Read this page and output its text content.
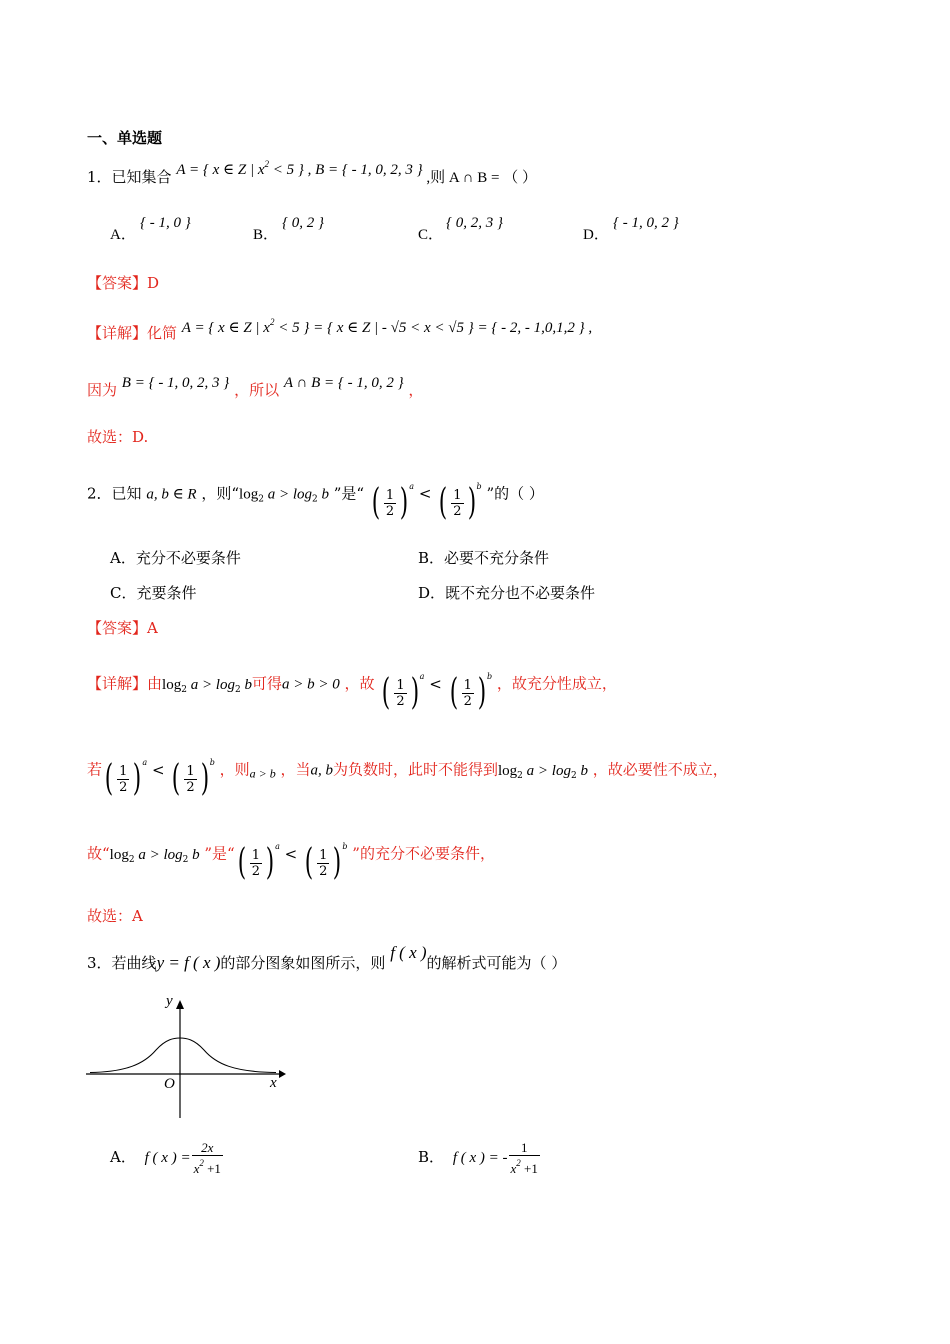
一、单选题
1．已知集合 A = { x ∈ Z | $x^2 < 5$ } , B = { - 1, 0, 2, 3 } ,则 A ∩ B = （ ）
A．
{ - 1, 0 }
B．
{ 0, 2 }
C．
{ 0, 2, 3 }
D．
{ - 1, 0, 2 }
【答案】D
【详解】化简 A = { x ∈ Z | $x^2 < 5$ } = { x ∈ Z | - √5 < x < √5 } = { - 2, - 1,0,1,2 } ,
因为 B = { - 1, 0, 2, 3 } ，所以 A ∩ B = { - 1, 0, 2 } ，
故选：D.
2．已知 a, b ∈ R ，则“$\log_2$ $a > \log_2 b$ ”是“ ( $\frac{1}{2} )^a$ < ( $\frac{1}{2} )^b$ ”的（ ）
A．充分不必要条件	B．必要不充分条件
C．充要条件	D．既不充分也不必要条件
【答案】A
【详解】由$\log_2 a > \log_2 b$可得a > b > 0 ，故 ( $\frac{1}{2} )^a$ < ( $\frac{1}{2} )^b$ ，故充分性成立，
若( $\frac{1}{2} )^a$ < ( $\frac{1}{2} )^b$ ，则$_{a > b}$ ，当a, b为负数时，此时不能得到$\log_2 a > \log_2 b$ ，故必要性不成立，
故“$\log_2$ $a > \log_2 b$ ”是“( $\frac{1}{2} )^a$ < ( $\frac{1}{2} )^b$ ”的充分不必要条件，
故选：A
3．若曲线y = f ( x )的部分图象如图所示，则 f ( x )的解析式可能为（ ）
y
x
O
A． f ( x ) = $\frac{2x}{x^2 +1}$	B． f ( x ) = - $\frac{1}{x^2 +1}$
